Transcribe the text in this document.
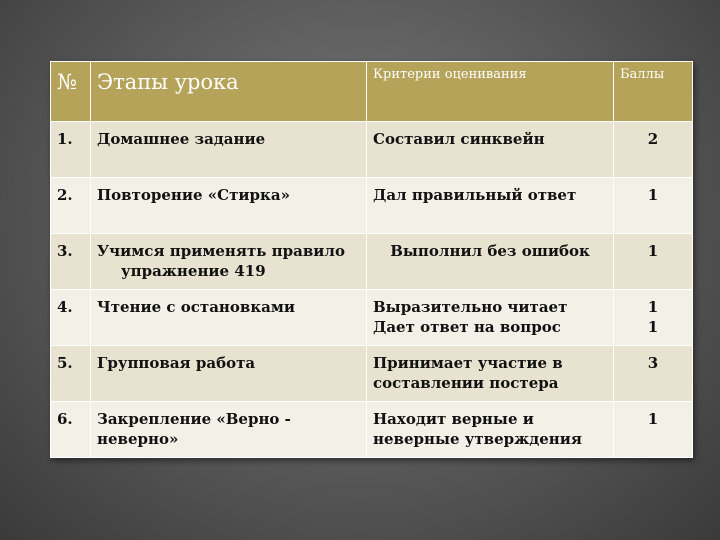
№	Этапы урока	Критерии оценивания	Баллы
1.	Домашнее задание	Составил синквейн	2

2.	Повторение «Стирка»	Дал правильный ответ	1

3.	Учимся применять правило
упражнение 419	Выполнил без ошибок	1

4.	Чтение с остановками	Выразительно читает
Дает ответ на вопрос	1
1

5.	Групповая работа	Принимает участие в
составлении постера	3

6.	Закрепление «Верно -
неверно»	Находит верные и
неверные утверждения	1
